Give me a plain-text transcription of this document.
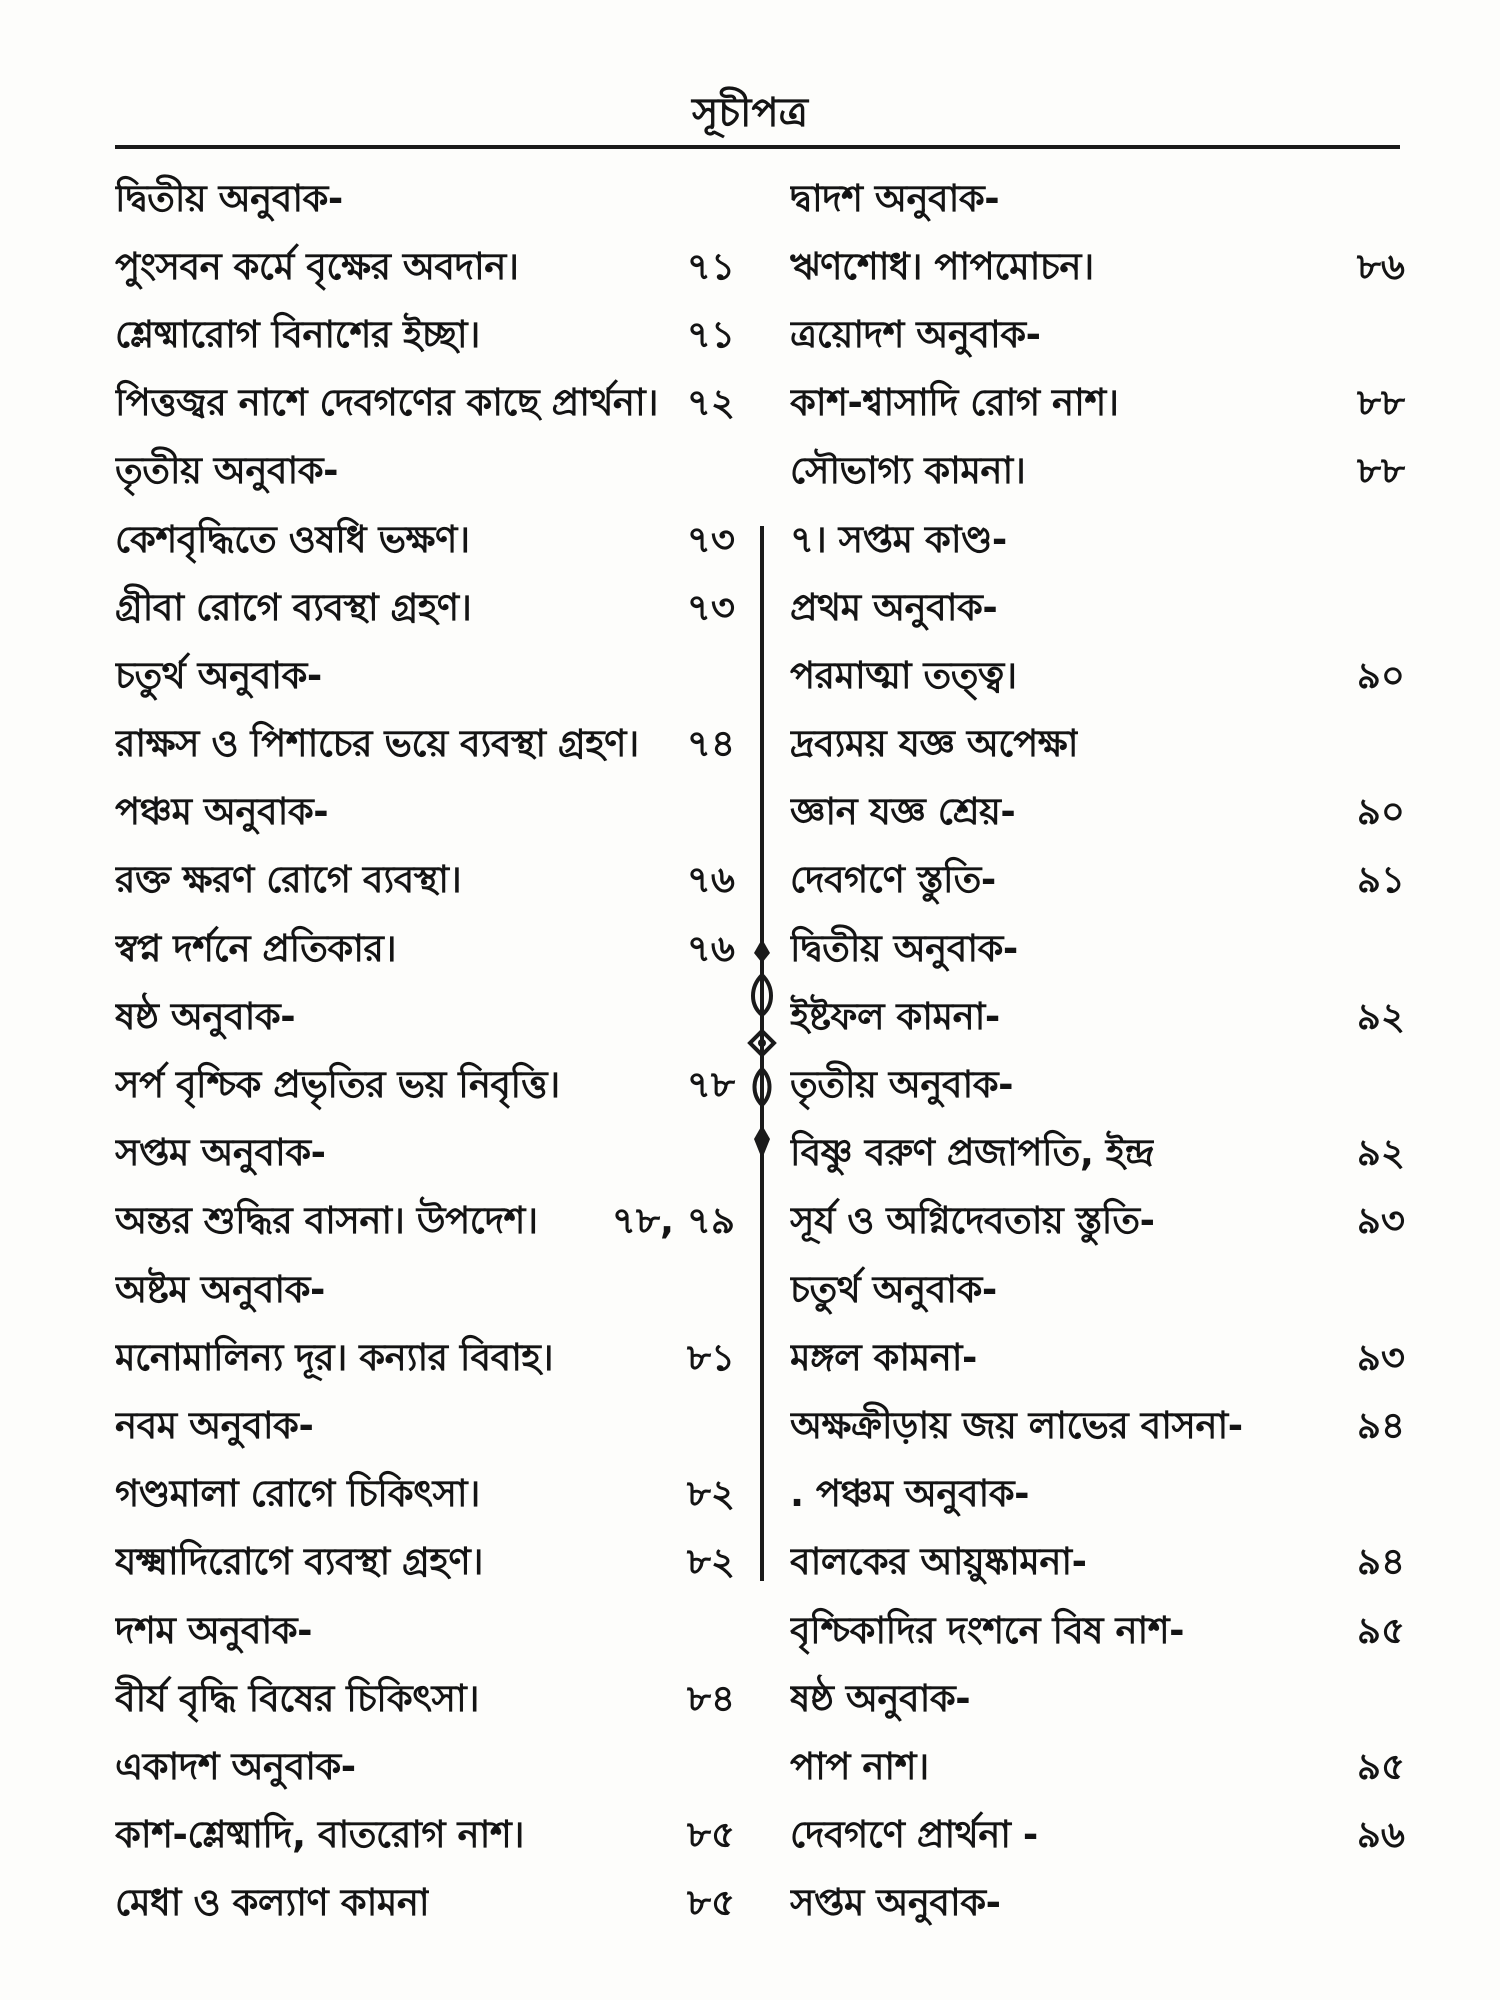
সূচীপত্র
দ্বিতীয় অনুবাক-
পুংসবন কর্মে বৃক্ষের অবদান।	৭১
শ্লেষ্মারোগ বিনাশের ইচ্ছা।	৭১
পিত্তজ্বর নাশে দেবগণের কাছে প্রার্থনা। ৭২
তৃতীয় অনুবাক-
কেশবৃদ্ধিতে ওষধি ভক্ষণ।	৭৩
গ্রীবা রোগে ব্যবস্থা গ্রহণ।	৭৩
চতুর্থ অনুবাক-
রাক্ষস ও পিশাচের ভয়ে ব্যবস্থা গ্রহণ।	৭৪
পঞ্চম অনুবাক-
রক্ত ক্ষরণ রোগে ব্যবস্থা।	৭৬
স্বপ্ন দর্শনে প্রতিকার।	৭৬
ষষ্ঠ অনুবাক-
সর্প বৃশ্চিক প্রভৃতির ভয় নিবৃত্তি।	৭৮
সপ্তম অনুবাক-
অন্তর শুদ্ধির বাসনা। উপদেশ।	৭৮, ৭৯
অষ্টম অনুবাক-
মনোমালিন্য দূর। কন্যার বিবাহ।	৮১
নবম অনুবাক-
গণ্ডমালা রোগে চিকিৎসা।	৮২
যক্ষ্মাদিরোগে ব্যবস্থা গ্রহণ।	৮২
দশম অনুবাক-
বীর্য বৃদ্ধি বিষের চিকিৎসা।	৮৪
একাদশ অনুবাক-
কাশ-শ্লেষ্মাদি, বাতরোগ নাশ।	৮৫
মেধা ও কল্যাণ কামনা	৮৫
দ্বাদশ অনুবাক-
ঋণশোধ। পাপমোচন।	৮৬
ত্রয়োদশ অনুবাক-
কাশ-শ্বাসাদি রোগ নাশ।	৮৮
সৌভাগ্য কামনা।	৮৮
৭। সপ্তম কাণ্ড-
প্রথম অনুবাক-
পরমাত্মা তত্ত্ব।	৯০
দ্রব্যময় যজ্ঞ অপেক্ষা
জ্ঞান যজ্ঞ শ্রেয়-	৯০
দেবগণে স্তুতি-	৯১
দ্বিতীয় অনুবাক-
ইষ্টফল কামনা-	৯২
তৃতীয় অনুবাক-
বিষ্ণু বরুণ প্রজাপতি, ইন্দ্র	৯২
সূর্য ও অগ্নিদেবতায় স্তুতি-	৯৩
চতুর্থ অনুবাক-
মঙ্গল কামনা-	৯৩
অক্ষক্রীড়ায় জয় লাভের বাসনা-	৯৪
. পঞ্চম অনুবাক-
বালকের আয়ুষ্কামনা-	৯৪
বৃশ্চিকাদির দংশনে বিষ নাশ-	৯৫
ষষ্ঠ অনুবাক-
পাপ নাশ।	৯৫
দেবগণে প্রার্থনা -	৯৬
সপ্তম অনুবাক-
